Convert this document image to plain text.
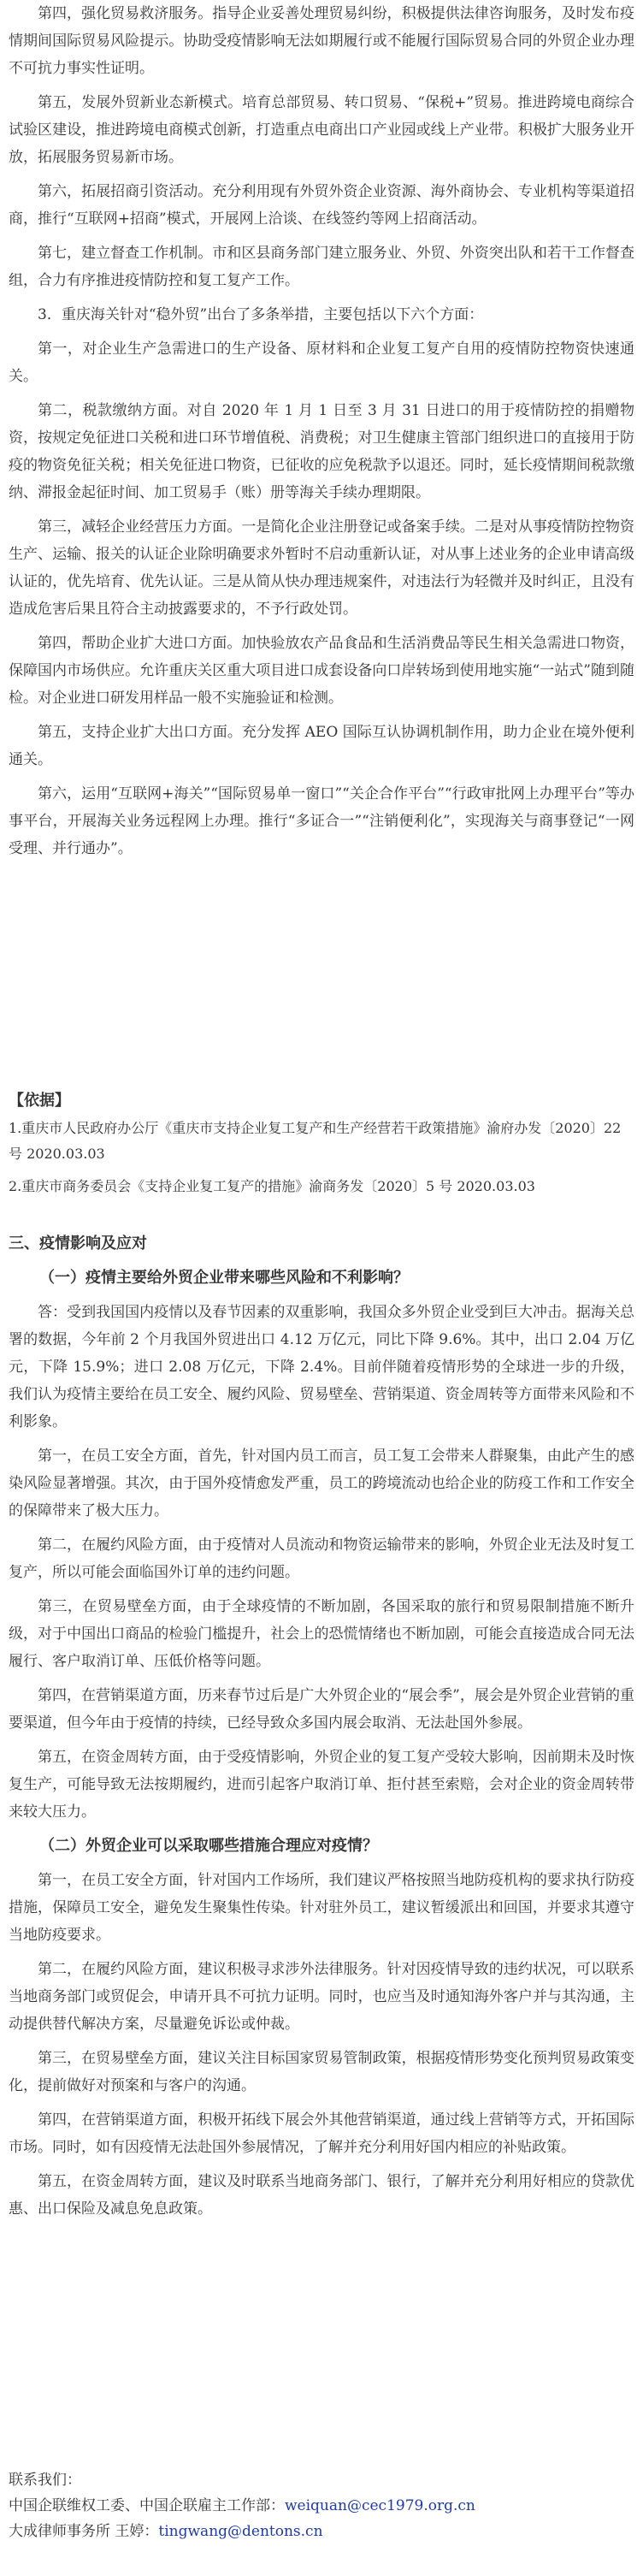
第四，强化贸易救济服务。指导企业妥善处理贸易纠纷，积极提供法律咨询服务，及时发布疫情期间国际贸易风险提示。协助受疫情影响无法如期履行或不能履行国际贸易合同的外贸企业办理不可抗力事实性证明。

第五，发展外贸新业态新模式。培育总部贸易、转口贸易、“保税+”贸易。推进跨境电商综合试验区建设，推进跨境电商模式创新，打造重点电商出口产业园或线上产业带。积极扩大服务业开放，拓展服务贸易新市场。

第六，拓展招商引资活动。充分利用现有外贸外资企业资源、海外商协会、专业机构等渠道招商，推行“互联网+招商”模式，开展网上洽谈、在线签约等网上招商活动。

第七，建立督查工作机制。市和区县商务部门建立服务业、外贸、外资突出队和若干工作督查组，合力有序推进疫情防控和复工复产工作。

3．重庆海关针对“稳外贸”出台了多条举措，主要包括以下六个方面：

第一，对企业生产急需进口的生产设备、原材料和企业复工复产自用的疫情防控物资快速通关。

第二，税款缴纳方面。对自 2020 年 1 月 1 日至 3 月 31 日进口的用于疫情防控的捐赠物资，按规定免征进口关税和进口环节增值税、消费税；对卫生健康主管部门组织进口的直接用于防疫的物资免征关税；相关免征进口物资，已征收的应免税款予以退还。同时，延长疫情期间税款缴纳、滞报金起征时间、加工贸易手（账）册等海关手续办理期限。

第三，减轻企业经营压力方面。一是简化企业注册登记或备案手续。二是对从事疫情防控物资生产、运输、报关的认证企业除明确要求外暂时不启动重新认证，对从事上述业务的企业申请高级认证的，优先培育、优先认证。三是从简从快办理违规案件，对违法行为轻微并及时纠正，且没有造成危害后果且符合主动披露要求的，不予行政处罚。

第四，帮助企业扩大进口方面。加快验放农产品食品和生活消费品等民生相关急需进口物资，保障国内市场供应。允许重庆关区重大项目进口成套设备向口岸转场到使用地实施“一站式”随到随检。对企业进口研发用样品一般不实施验证和检测。

第五，支持企业扩大出口方面。充分发挥 AEO 国际互认协调机制作用，助力企业在境外便利通关。

第六，运用“互联网+海关”“国际贸易单一窗口”“关企合作平台”“行政审批网上办理平台”等办事平台，开展海关业务远程网上办理。推行“多证合一”“注销便利化”，实现海关与商事登记“一网受理、并行通办”。

【依据】

1.重庆市人民政府办公厅《重庆市支持企业复工复产和生产经营若干政策措施》渝府办发〔2020〕22 号 2020.03.03

2.重庆市商务委员会《支持企业复工复产的措施》渝商务发〔2020〕5 号 2020.03.03

三、疫情影响及应对

（一）疫情主要给外贸企业带来哪些风险和不利影响？

答：受到我国国内疫情以及春节因素的双重影响，我国众多外贸企业受到巨大冲击。据海关总署的数据，今年前 2 个月我国外贸进出口 4.12 万亿元，同比下降 9.6%。其中，出口 2.04 万亿元，下降 15.9%；进口 2.08 万亿元，下降 2.4%。目前伴随着疫情形势的全球进一步的升级，我们认为疫情主要给在员工安全、履约风险、贸易壁垒、营销渠道、资金周转等方面带来风险和不利影象。

第一，在员工安全方面，首先，针对国内员工而言，员工复工会带来人群聚集，由此产生的感染风险显著增强。其次，由于国外疫情愈发严重，员工的跨境流动也给企业的防疫工作和工作安全的保障带来了极大压力。

第二，在履约风险方面，由于疫情对人员流动和物资运输带来的影响，外贸企业无法及时复工复产，所以可能会面临国外订单的违约问题。

第三，在贸易壁垒方面，由于全球疫情的不断加剧，各国采取的旅行和贸易限制措施不断升级，对于中国出口商品的检验门槛提升，社会上的恐慌情绪也不断加剧，可能会直接造成合同无法履行、客户取消订单、压低价格等问题。

第四，在营销渠道方面，历来春节过后是广大外贸企业的“展会季”，展会是外贸企业营销的重要渠道，但今年由于疫情的持续，已经导致众多国内展会取消、无法赴国外参展。

第五，在资金周转方面，由于受疫情影响，外贸企业的复工复产受较大影响，因前期未及时恢复生产，可能导致无法按期履约，进而引起客户取消订单、拒付甚至索赔，会对企业的资金周转带来较大压力。

（二）外贸企业可以采取哪些措施合理应对疫情？

第一，在员工安全方面，针对国内工作场所，我们建议严格按照当地防疫机构的要求执行防疫措施，保障员工安全，避免发生聚集性传染。针对驻外员工，建议暂缓派出和回国，并要求其遵守当地防疫要求。

第二，在履约风险方面，建议积极寻求涉外法律服务。针对因疫情导致的违约状况，可以联系当地商务部门或贸促会，申请开具不可抗力证明。同时，也应当及时通知海外客户并与其沟通，主动提供替代解决方案，尽量避免诉讼或仲裁。

第三，在贸易壁垒方面，建议关注目标国家贸易管制政策，根据疫情形势变化预判贸易政策变化，提前做好对预案和与客户的沟通。

第四，在营销渠道方面，积极开拓线下展会外其他营销渠道，通过线上营销等方式，开拓国际市场。同时，如有因疫情无法赴国外参展情况，了解并充分利用好国内相应的补贴政策。

第五，在资金周转方面，建议及时联系当地商务部门、银行，了解并充分利用好相应的贷款优惠、出口保险及减息免息政策。

联系我们：

中国企联维权工委、中国企联雇主工作部：weiquan@cec1979.org.cn

大成律师事务所 王婷：tingwang@dentons.cn
